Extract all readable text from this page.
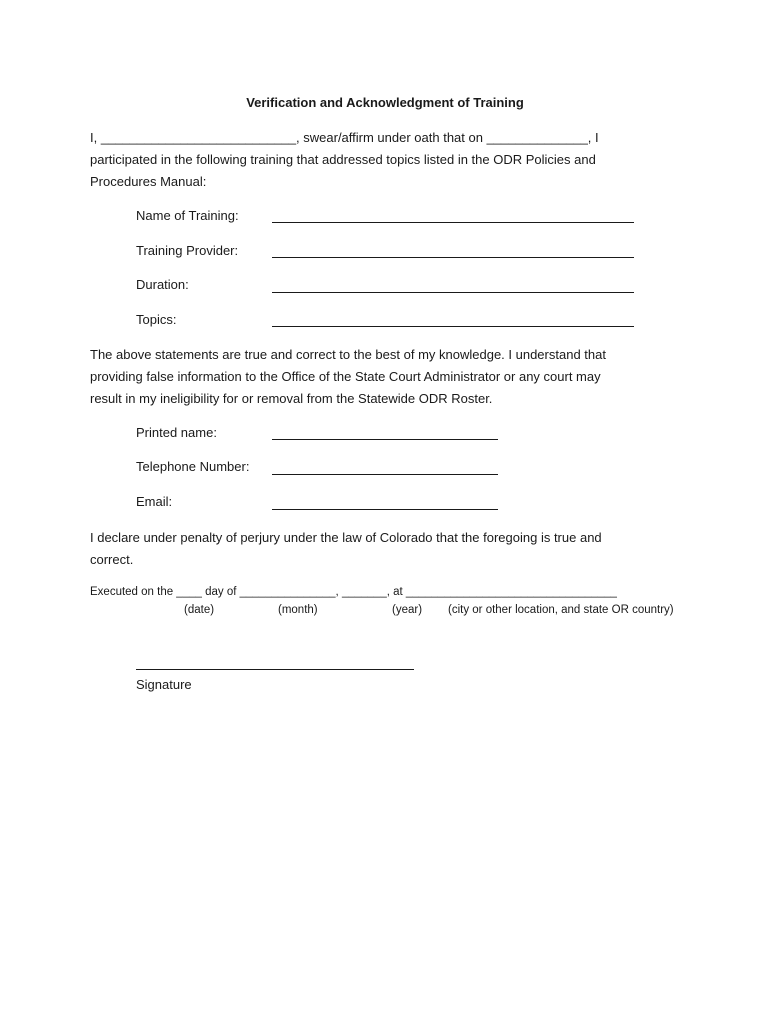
Verification and Acknowledgment of Training
I, ___________________________, swear/affirm under oath that on ______________, I
participated in the following training that addressed topics listed in the ODR Policies and
Procedures Manual:
Name of Training:
Training Provider:
Duration:
Topics:
The above statements are true and correct to the best of my knowledge. I understand that
providing false information to the Office of the State Court Administrator or any court may
result in my ineligibility for or removal from the Statewide ODR Roster.
Printed name:
Telephone Number:
Email:
I declare under penalty of perjury under the law of Colorado that the foregoing is true and
correct.
Executed on the ____ day of _______________, _______, at _________________________________
(date)	(month)	(year) (city or other location, and state OR country)
Signature
